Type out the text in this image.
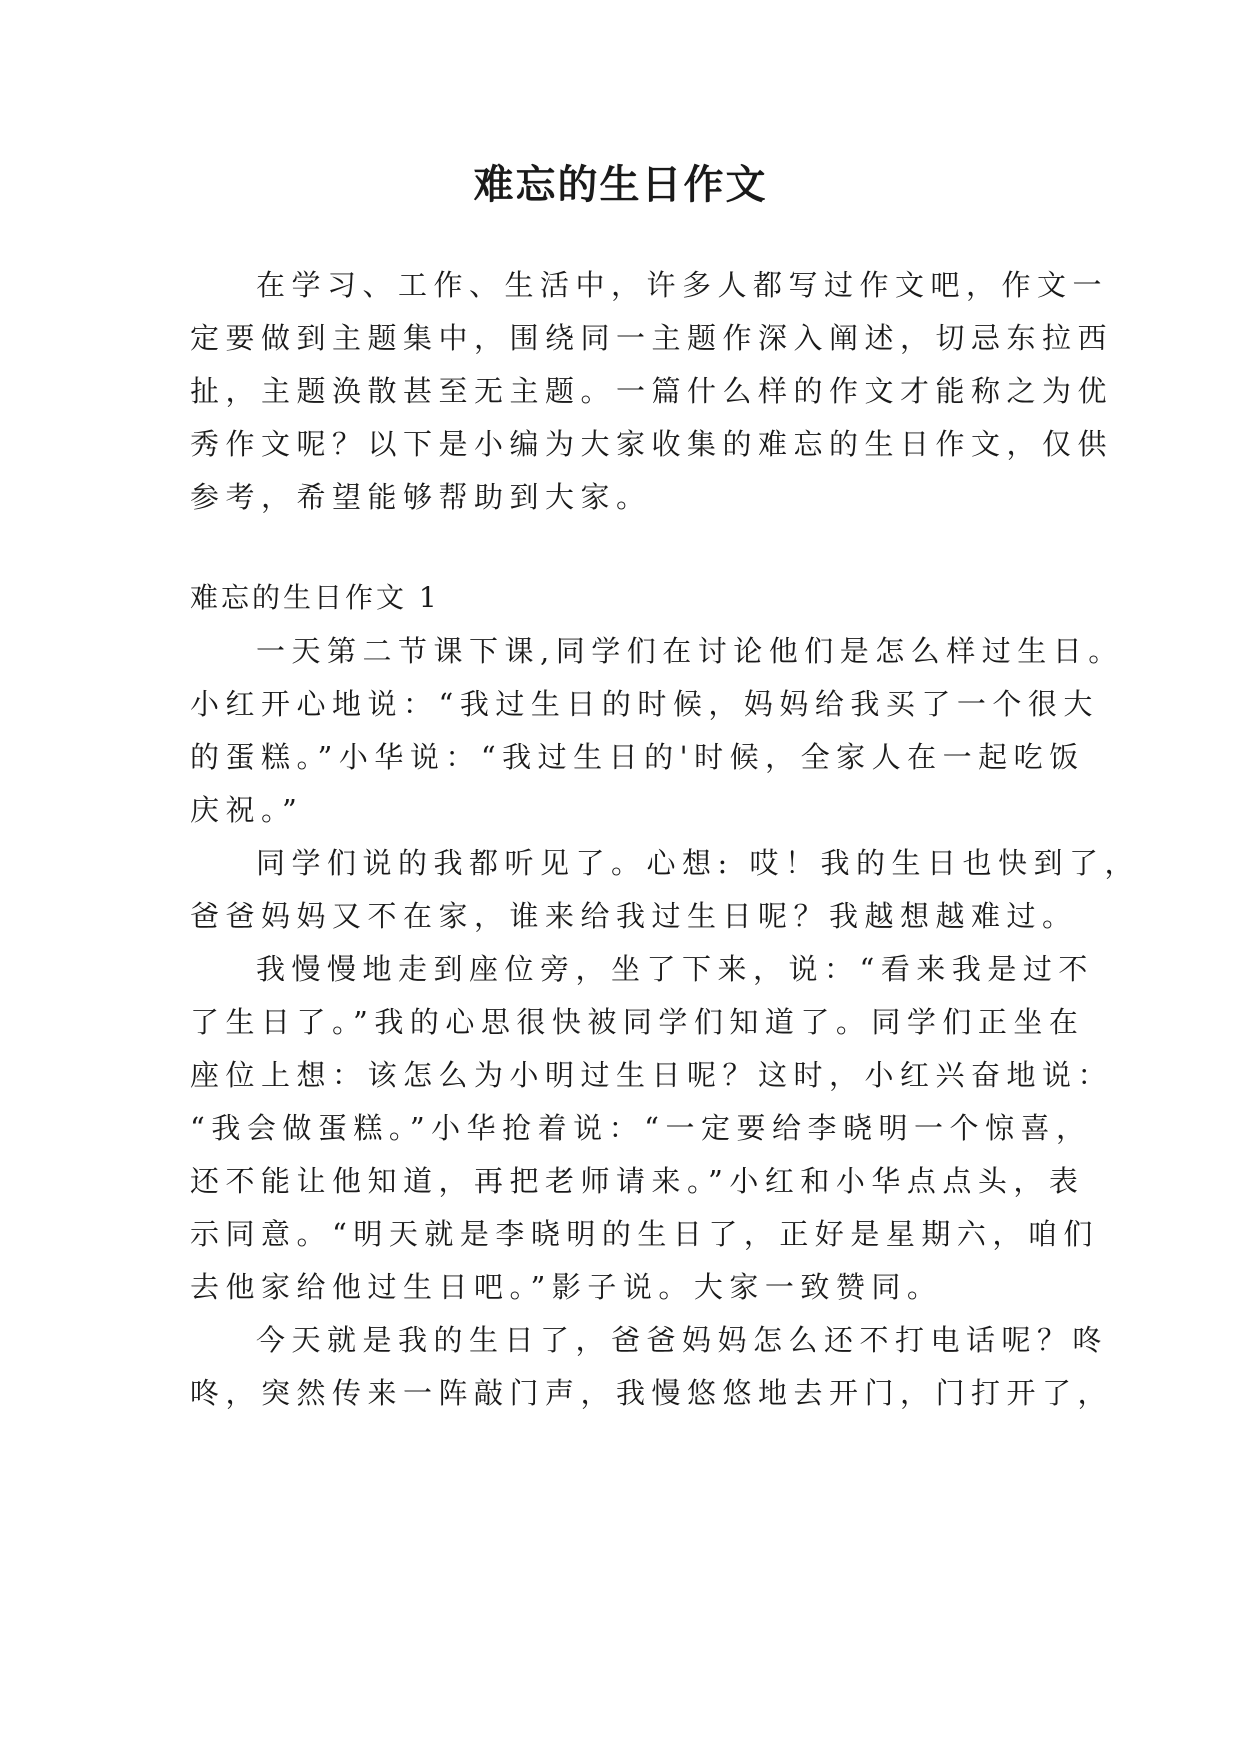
难忘的生日作文

在学习、工作、生活中，许多人都写过作文吧，作文一

定要做到主题集中，围绕同一主题作深入阐述，切忌东拉西

扯，主题涣散甚至无主题。一篇什么样的作文才能称之为优

秀作文呢？以下是小编为大家收集的难忘的生日作文，仅供

参考，希望能够帮助到大家。

难忘的生日作文 1

一天第二节课下课,同学们在讨论他们是怎么样过生日。

小红开心地说：“我过生日的时候，妈妈给我买了一个很大

的蛋糕。”小华说：“我过生日的'时候，全家人在一起吃饭

庆祝。”

同学们说的我都听见了。心想: 哎！我的生日也快到了，

爸爸妈妈又不在家，谁来给我过生日呢？我越想越难过。

我慢慢地走到座位旁，坐了下来，说：“看来我是过不

了生日了。”我的心思很快被同学们知道了。同学们正坐在

座位上想：该怎么为小明过生日呢？这时，小红兴奋地说：

“我会做蛋糕。”小华抢着说：“一定要给李晓明一个惊喜，

还不能让他知道，再把老师请来。”小红和小华点点头，表

示同意。“明天就是李晓明的生日了，正好是星期六，咱们

去他家给他过生日吧。”影子说。大家一致赞同。

今天就是我的生日了，爸爸妈妈怎么还不打电话呢？咚

咚，突然传来一阵敲门声，我慢悠悠地去开门，门打开了，
